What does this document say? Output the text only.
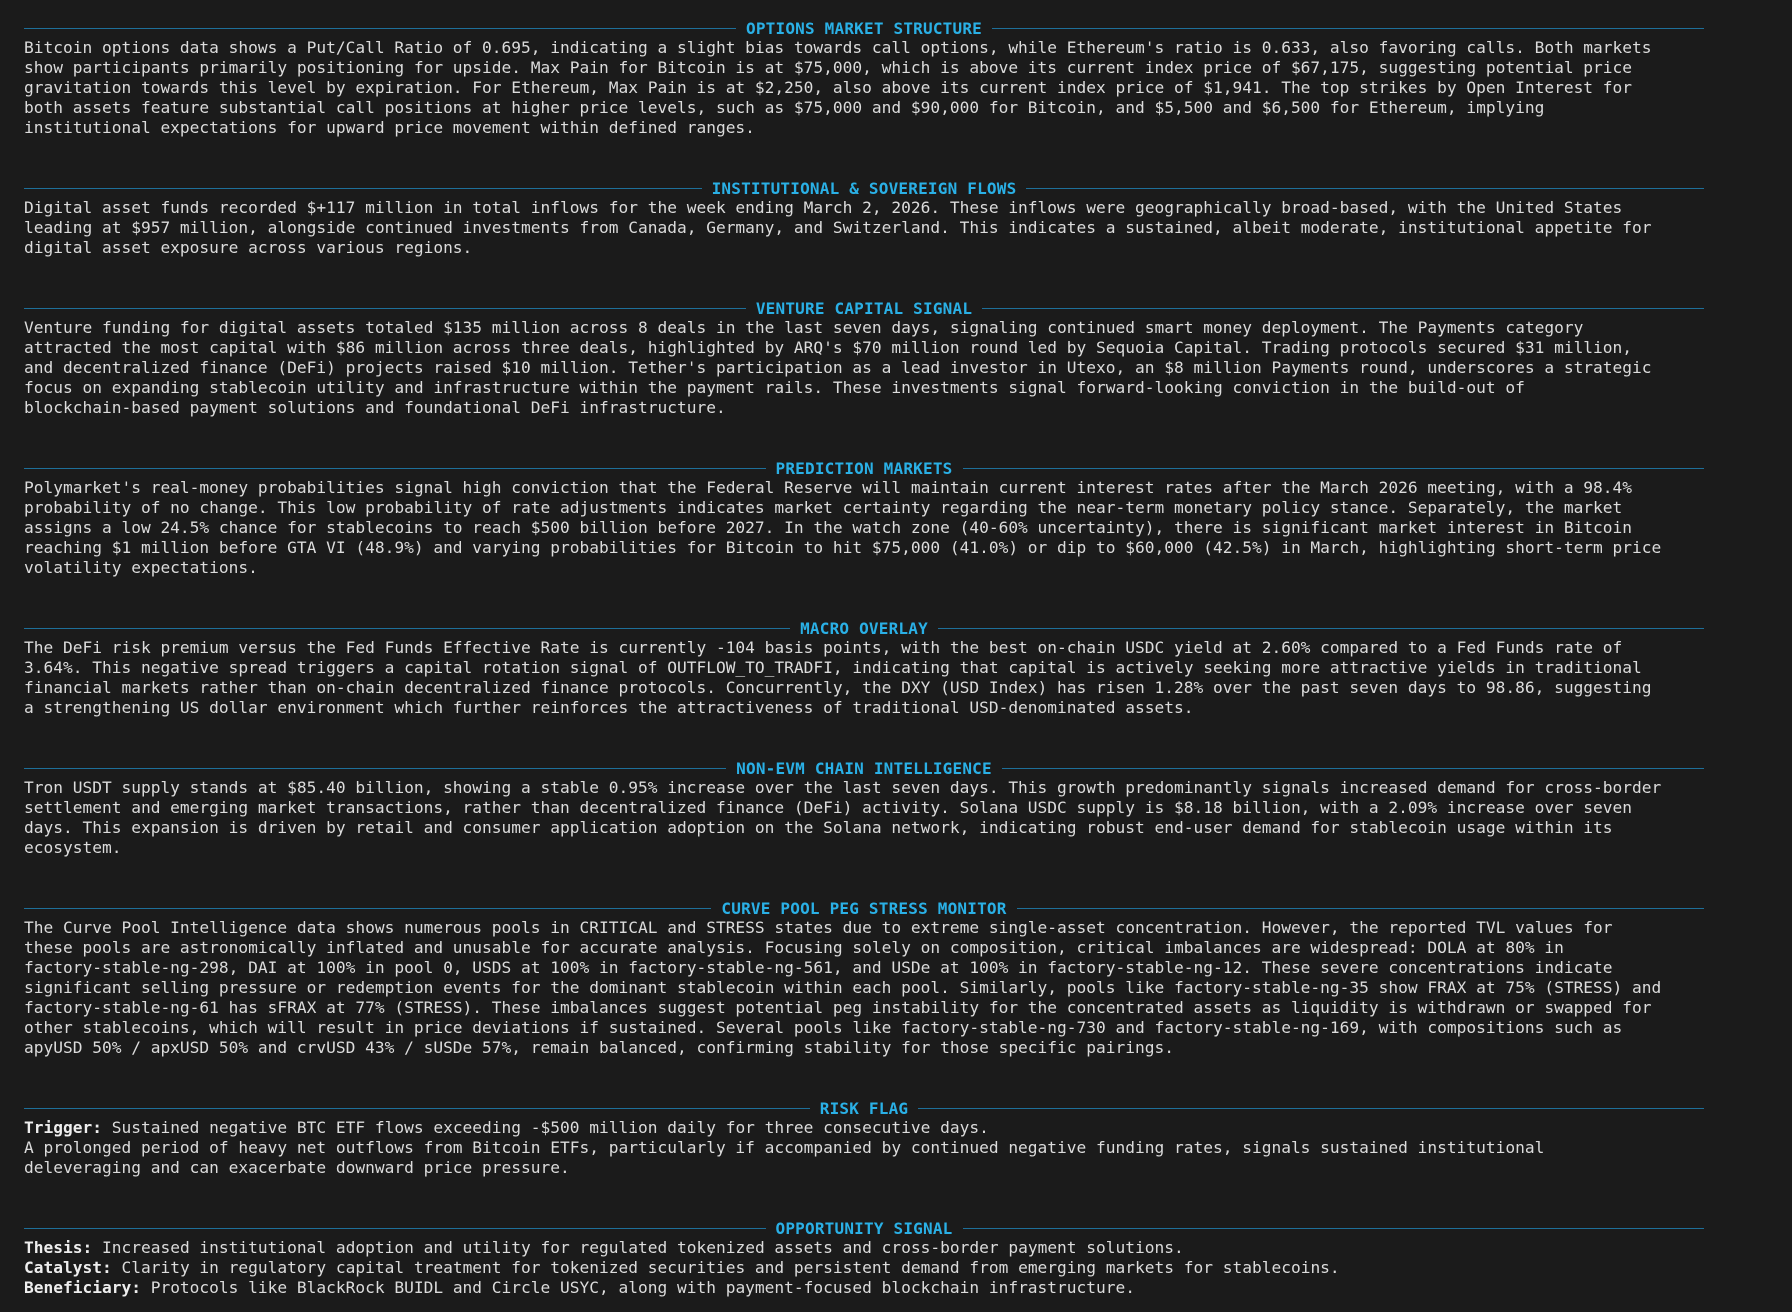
OPTIONS MARKET STRUCTURE

Bitcoin options data shows a Put/Call Ratio of 0.695, indicating a slight bias towards call options, while Ethereum's ratio is 0.633, also favoring calls. Both markets
show participants primarily positioning for upside. Max Pain for Bitcoin is at $75,000, which is above its current index price of $67,175, suggesting potential price
gravitation towards this level by expiration. For Ethereum, Max Pain is at $2,250, also above its current index price of $1,941. The top strikes by Open Interest for
both assets feature substantial call positions at higher price levels, such as $75,000 and $90,000 for Bitcoin, and $5,500 and $6,500 for Ethereum, implying
institutional expectations for upward price movement within defined ranges.

INSTITUTIONAL & SOVEREIGN FLOWS

Digital asset funds recorded $+117 million in total inflows for the week ending March 2, 2026. These inflows were geographically broad-based, with the United States
leading at $957 million, alongside continued investments from Canada, Germany, and Switzerland. This indicates a sustained, albeit moderate, institutional appetite for
digital asset exposure across various regions.

VENTURE CAPITAL SIGNAL

Venture funding for digital assets totaled $135 million across 8 deals in the last seven days, signaling continued smart money deployment. The Payments category
attracted the most capital with $86 million across three deals, highlighted by ARQ's $70 million round led by Sequoia Capital. Trading protocols secured $31 million,
and decentralized finance (DeFi) projects raised $10 million. Tether's participation as a lead investor in Utexo, an $8 million Payments round, underscores a strategic
focus on expanding stablecoin utility and infrastructure within the payment rails. These investments signal forward-looking conviction in the build-out of
blockchain-based payment solutions and foundational DeFi infrastructure.

PREDICTION MARKETS

Polymarket's real-money probabilities signal high conviction that the Federal Reserve will maintain current interest rates after the March 2026 meeting, with a 98.4%
probability of no change. This low probability of rate adjustments indicates market certainty regarding the near-term monetary policy stance. Separately, the market
assigns a low 24.5% chance for stablecoins to reach $500 billion before 2027. In the watch zone (40-60% uncertainty), there is significant market interest in Bitcoin
reaching $1 million before GTA VI (48.9%) and varying probabilities for Bitcoin to hit $75,000 (41.0%) or dip to $60,000 (42.5%) in March, highlighting short-term price
volatility expectations.

MACRO OVERLAY

The DeFi risk premium versus the Fed Funds Effective Rate is currently -104 basis points, with the best on-chain USDC yield at 2.60% compared to a Fed Funds rate of
3.64%. This negative spread triggers a capital rotation signal of OUTFLOW_TO_TRADFI, indicating that capital is actively seeking more attractive yields in traditional
financial markets rather than on-chain decentralized finance protocols. Concurrently, the DXY (USD Index) has risen 1.28% over the past seven days to 98.86, suggesting
a strengthening US dollar environment which further reinforces the attractiveness of traditional USD-denominated assets.

NON-EVM CHAIN INTELLIGENCE

Tron USDT supply stands at $85.40 billion, showing a stable 0.95% increase over the last seven days. This growth predominantly signals increased demand for cross-border
settlement and emerging market transactions, rather than decentralized finance (DeFi) activity. Solana USDC supply is $8.18 billion, with a 2.09% increase over seven
days. This expansion is driven by retail and consumer application adoption on the Solana network, indicating robust end-user demand for stablecoin usage within its
ecosystem.

CURVE POOL PEG STRESS MONITOR

The Curve Pool Intelligence data shows numerous pools in CRITICAL and STRESS states due to extreme single-asset concentration. However, the reported TVL values for
these pools are astronomically inflated and unusable for accurate analysis. Focusing solely on composition, critical imbalances are widespread: DOLA at 80% in
factory-stable-ng-298, DAI at 100% in pool 0, USDS at 100% in factory-stable-ng-561, and USDe at 100% in factory-stable-ng-12. These severe concentrations indicate
significant selling pressure or redemption events for the dominant stablecoin within each pool. Similarly, pools like factory-stable-ng-35 show FRAX at 75% (STRESS) and
factory-stable-ng-61 has sFRAX at 77% (STRESS). These imbalances suggest potential peg instability for the concentrated assets as liquidity is withdrawn or swapped for
other stablecoins, which will result in price deviations if sustained. Several pools like factory-stable-ng-730 and factory-stable-ng-169, with compositions such as
apyUSD 50% / apxUSD 50% and crvUSD 43% / sUSDe 57%, remain balanced, confirming stability for those specific pairings.

RISK FLAG

Trigger: Sustained negative BTC ETF flows exceeding -$500 million daily for three consecutive days.

A prolonged period of heavy net outflows from Bitcoin ETFs, particularly if accompanied by continued negative funding rates, signals sustained institutional
deleveraging and can exacerbate downward price pressure.

OPPORTUNITY SIGNAL

Thesis: Increased institutional adoption and utility for regulated tokenized assets and cross-border payment solutions.

Catalyst: Clarity in regulatory capital treatment for tokenized securities and persistent demand from emerging markets for stablecoins.

Beneficiary: Protocols like BlackRock BUIDL and Circle USYC, along with payment-focused blockchain infrastructure.
